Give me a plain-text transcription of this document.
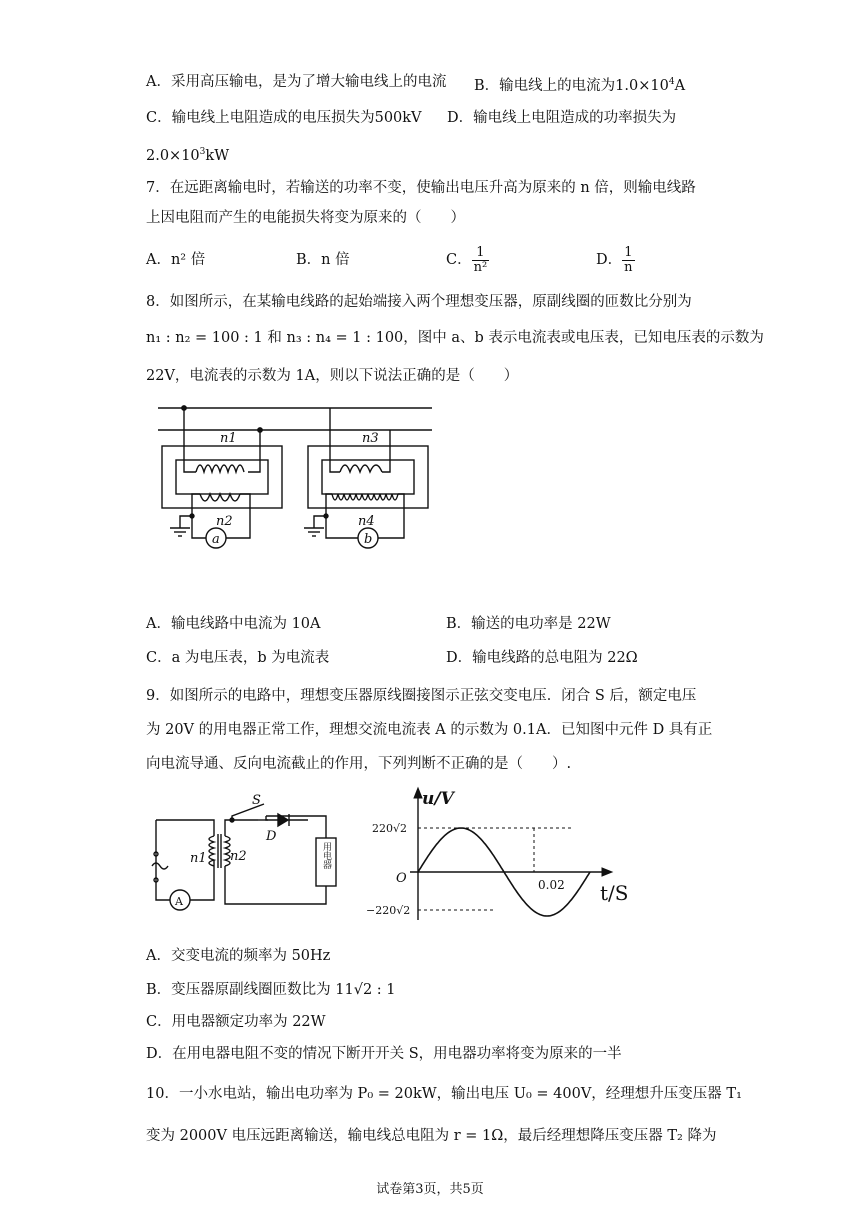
A．采用高压输电，是为了增大输电线上的电流 B．输电线上的电流为$1.0\times 10^4A$
C．输电线上电阻造成的电压损失为500kV D．输电线上电阻造成的功率损失为
$2.0\times 10^3kW$
7．在远距离输电时，若输送的功率不变，使输出电压升高为原来的 n 倍，则输电线路
上因电阻而产生的电能损失将变为原来的（　　）
A．n² 倍	B．n 倍	C． $\frac{1}{\text{n²}}$	D． $\frac{1}{n}$
8．如图所示，在某输电线路的起始端接入两个理想变压器，原副线圈的匝数比分别为
n₁ : n₂ = 100 : 1 和 n₃ : n₄ = 1 : 100，图中 a、b 表示电流表或电压表，已知电压表的示数为
22V，电流表的示数为 1A，则以下说法正确的是（　　）
n1
n2
n3
n4
a	b
A．输电线路中电流为 10A	B．输送的电功率是 22W
C．a 为电压表，b 为电流表	D．输电线路的总电阻为 22Ω
9．如图所示的电路中，理想变压器原线圈接图示正弦交变电压．闭合 S 后，额定电压
为 20V 的用电器正常工作，理想交流电流表 A 的示数为 0.1A．已知图中元件 D 具有正
向电流导通、反向电流截止的作用，下列判断不正确的是（　　）.
S
n1 n2
D
A
用电器
u/V
220√2
O
−220√2
0.02 t/S
A．交变电流的频率为 50Hz
B．变压器原副线圈匝数比为 11√2 : 1
C．用电器额定功率为 22W
D．在用电器电阻不变的情况下断开开关 S，用电器功率将变为原来的一半
10．一小水电站，输出电功率为 P₀ = 20kW，输出电压 U₀ = 400V，经理想升压变压器 T₁
变为 2000V 电压远距离输送，输电线总电阻为 r = 1Ω，最后经理想降压变压器 T₂ 降为
试卷第3页，共5页
